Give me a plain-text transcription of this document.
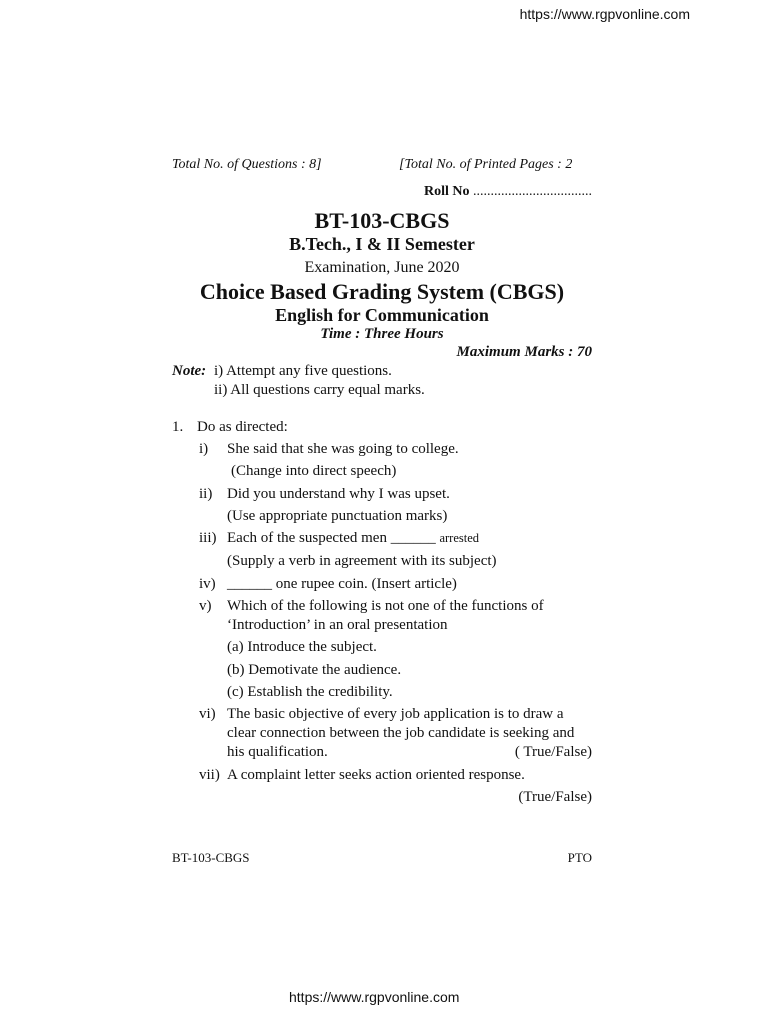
https://www.rgpvonline.com
Total No. of Questions : 8]	[Total No. of Printed Pages : 2
Roll No ..................................
BT-103-CBGS
B.Tech., I & II Semester
Examination, June 2020
Choice Based Grading System (CBGS)
English for Communication
Time : Three Hours
Maximum Marks : 70
Note: i) Attempt any five questions.
ii) All questions carry equal marks.
1. Do as directed:
i) She said that she was going to college.
(Change into direct speech)
ii) Did you understand why I was upset.
(Use appropriate punctuation marks)
iii) Each of the suspected men ______ arrested
(Supply a verb in agreement with its subject)
iv) ______ one rupee coin. (Insert article)
v) Which of the following is not one of the functions of
‘Introduction’ in an oral presentation
(a) Introduce the subject.
(b) Demotivate the audience.
(c) Establish the credibility.
vi) The basic objective of every job application is to draw a
clear connection between the job candidate is seeking and
his qualification.	( True/False)
vii) A complaint letter seeks action oriented response.
(True/False)
BT-103-CBGS	PTO
https://www.rgpvonline.com
